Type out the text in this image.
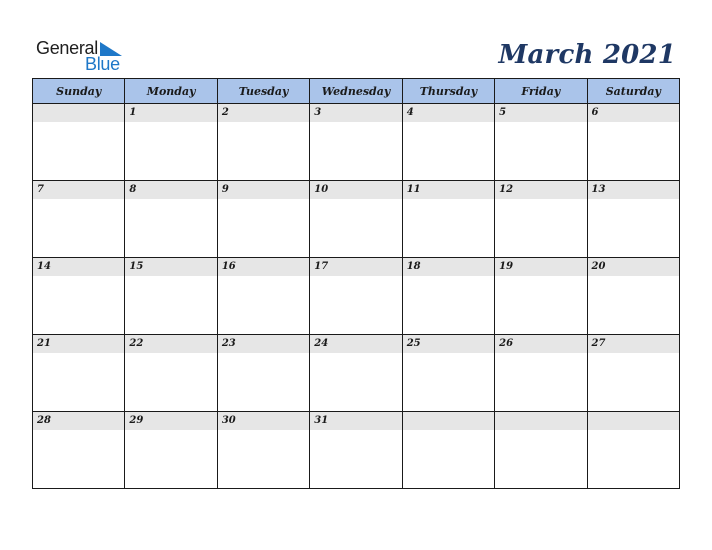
General
Blue	March 2021
Sunday	Monday	Tuesday	Wednesday	Thursday	Friday	Saturday

	1	2	3	4	5	6

7	8	9	10	11	12	13

14	15	16	17	18	19	20

21	22	23	24	25	26	27

28	29	30	31			
